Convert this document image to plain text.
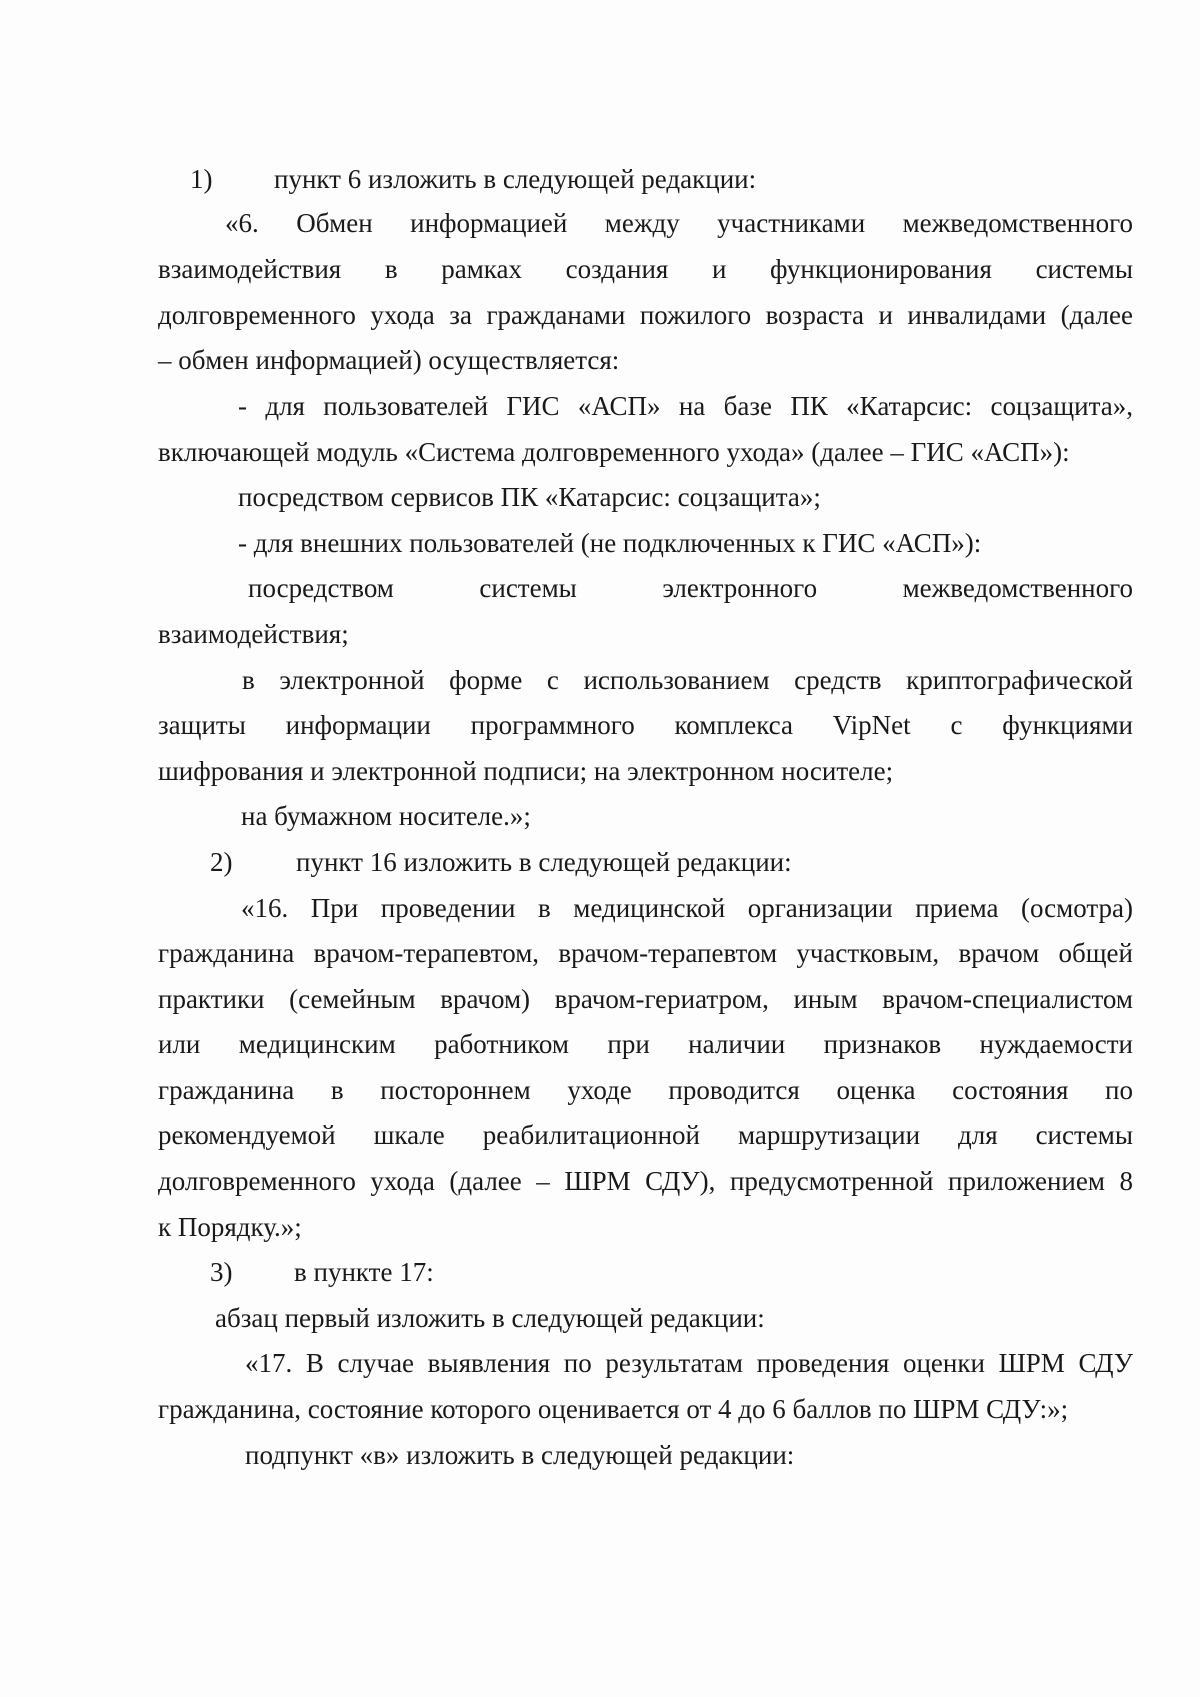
1) пункт 6 изложить в следующей редакции:
«6. Обмен информацией между участниками межведомственного
взаимодействия в рамках создания и функционирования системы
долговременного ухода за гражданами пожилого возраста и инвалидами (далее
– обмен информацией) осуществляется:
- для пользователей ГИС «АСП» на базе ПК «Катарсис: соцзащита»,
включающей модуль «Система долговременного ухода» (далее – ГИС «АСП»):
посредством сервисов ПК «Катарсис: соцзащита»;
- для внешних пользователей (не подключенных к ГИС «АСП»):
посредством системы электронного межведомственного
взаимодействия;
в электронной форме с использованием средств криптографической
защиты информации программного комплекса VipNet с функциями
шифрования и электронной подписи; на электронном носителе;
на бумажном носителе.»;
2) пункт 16 изложить в следующей редакции:
«16. При проведении в медицинской организации приема (осмотра)
гражданина врачом-терапевтом, врачом-терапевтом участковым, врачом общей
практики (семейным врачом) врачом-гериатром, иным врачом-специалистом
или медицинским работником при наличии признаков нуждаемости
гражданина в постороннем уходе проводится оценка состояния по
рекомендуемой шкале реабилитационной маршрутизации для системы
долговременного ухода (далее – ШРМ СДУ), предусмотренной приложением 8
к Порядку.»;
3) в пункте 17:
абзац первый изложить в следующей редакции:
«17. В случае выявления по результатам проведения оценки ШРМ СДУ
гражданина, состояние которого оценивается от 4 до 6 баллов по ШРМ СДУ:»;
подпункт «в» изложить в следующей редакции:
